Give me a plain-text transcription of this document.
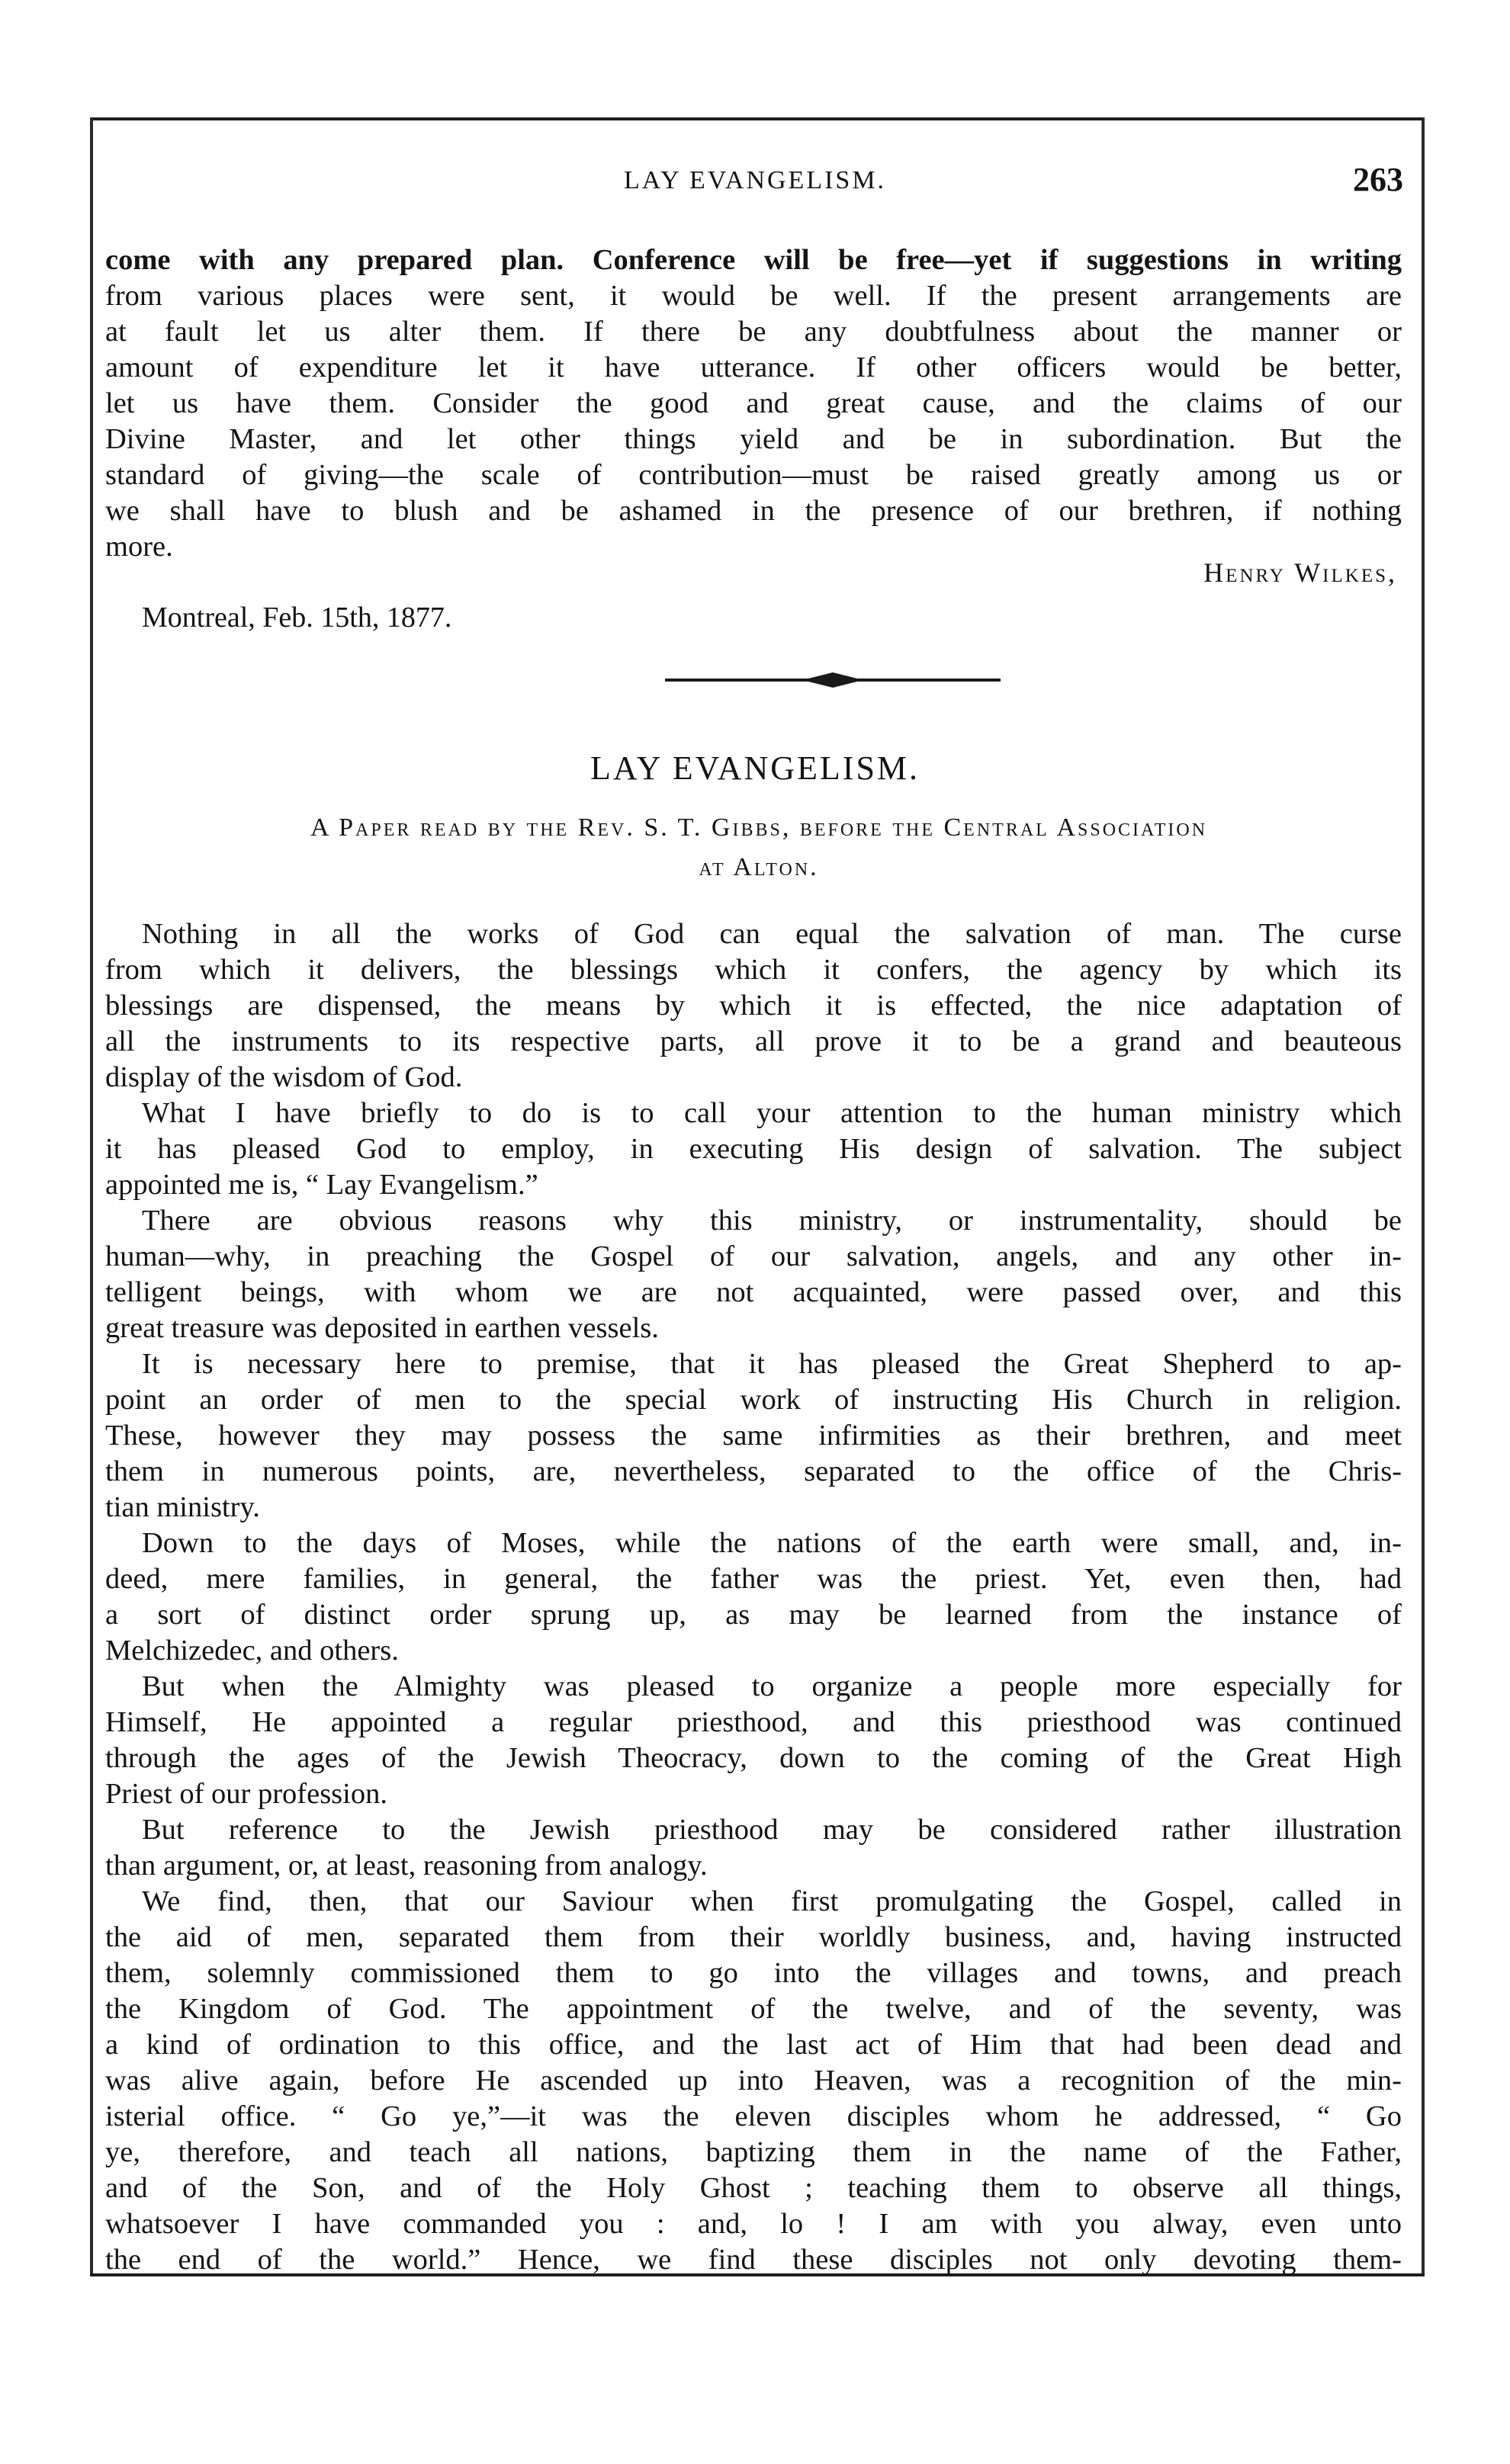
LAY EVANGELISM.	263
come with any prepared plan. Conference will be free—yet if suggestions in writing
from various places were sent, it would be well. If the present arrangements are
at fault let us alter them. If there be any doubtfulness about the manner or
amount of expenditure let it have utterance. If other officers would be better,
let us have them. Consider the good and great cause, and the claims of our
Divine Master, and let other things yield and be in subordination. But the
standard of giving—the scale of contribution—must be raised greatly among us or
we shall have to blush and be ashamed in the presence of our brethren, if nothing
more.
Henry Wilkes,
Montreal, Feb. 15th, 1877.
LAY EVANGELISM.
A Paper read by the Rev. S. T. Gibbs, before the Central Association
at Alton.
Nothing in all the works of God can equal the salvation of man. The curse
from which it delivers, the blessings which it confers, the agency by which its
blessings are dispensed, the means by which it is effected, the nice adaptation of
all the instruments to its respective parts, all prove it to be a grand and beauteous
display of the wisdom of God.
What I have briefly to do is to call your attention to the human ministry which
it has pleased God to employ, in executing His design of salvation. The subject
appointed me is, “ Lay Evangelism.”
There are obvious reasons why this ministry, or instrumentality, should be
human—why, in preaching the Gospel of our salvation, angels, and any other in-
telligent beings, with whom we are not acquainted, were passed over, and this
great treasure was deposited in earthen vessels.
It is necessary here to premise, that it has pleased the Great Shepherd to ap-
point an order of men to the special work of instructing His Church in religion.
These, however they may possess the same infirmities as their brethren, and meet
them in numerous points, are, nevertheless, separated to the office of the Chris-
tian ministry.
Down to the days of Moses, while the nations of the earth were small, and, in-
deed, mere families, in general, the father was the priest. Yet, even then, had
a sort of distinct order sprung up, as may be learned from the instance of
Melchizedec, and others.
But when the Almighty was pleased to organize a people more especially for
Himself, He appointed a regular priesthood, and this priesthood was continued
through the ages of the Jewish Theocracy, down to the coming of the Great High
Priest of our profession.
But reference to the Jewish priesthood may be considered rather illustration
than argument, or, at least, reasoning from analogy.
We find, then, that our Saviour when first promulgating the Gospel, called in
the aid of men, separated them from their worldly business, and, having instructed
them, solemnly commissioned them to go into the villages and towns, and preach
the Kingdom of God. The appointment of the twelve, and of the seventy, was
a kind of ordination to this office, and the last act of Him that had been dead and
was alive again, before He ascended up into Heaven, was a recognition of the min-
isterial office. “ Go ye,”—it was the eleven disciples whom he addressed, “ Go
ye, therefore, and teach all nations, baptizing them in the name of the Father,
and of the Son, and of the Holy Ghost ; teaching them to observe all things,
whatsoever I have commanded you : and, lo ! I am with you alway, even unto
the end of the world.” Hence, we find these disciples not only devoting them-
